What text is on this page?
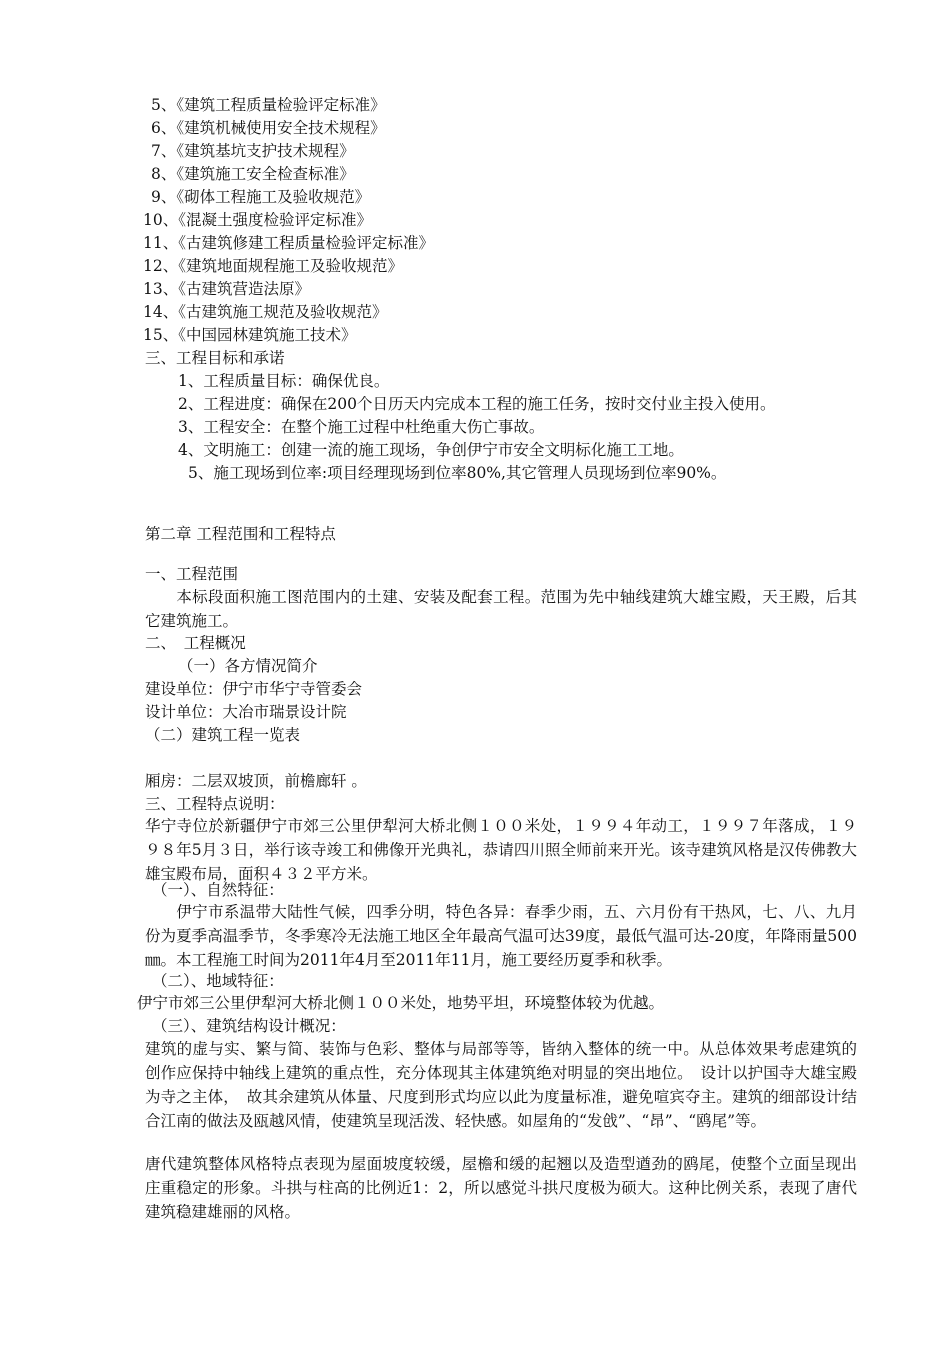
5、《建筑工程质量检验评定标准》

6、《建筑机械使用安全技术规程》

7、《建筑基坑支护技术规程》

8、《建筑施工安全检查标准》

9、《砌体工程施工及验收规范》

10、《混凝土强度检验评定标准》

11、《古建筑修建工程质量检验评定标准》

12、《建筑地面规程施工及验收规范》

13、《古建筑营造法原》

14、《古建筑施工规范及验收规范》

15、《中国园林建筑施工技术》

三、工程目标和承诺

1、工程质量目标：确保优良。

2、工程进度：确保在200个日历天内完成本工程的施工任务，按时交付业主投入使用。

3、工程安全：在整个施工过程中杜绝重大伤亡事故。

4、文明施工：创建一流的施工现场，争创伊宁市安全文明标化施工工地。

5、施工现场到位率:项目经理现场到位率80%,其它管理人员现场到位率90%。

第二章 工程范围和工程特点

一、工程范围

本标段面积施工图范围内的土建、安装及配套工程。范围为先中轴线建筑大雄宝殿，天王殿，后其它建筑施工。

二、　工程概况

（一）各方情况简介

建设单位：伊宁市华宁寺管委会

设计单位：大冶市瑞景设计院

（二）建筑工程一览表

厢房：二层双坡顶，前檐廊轩 。

三、工程特点说明：

华宁寺位於新疆伊宁市郊三公里伊犁河大桥北侧１００米处，１９９４年动工，１９９７年落成，１９９８年5月３日，举行该寺竣工和佛像开光典礼，恭请四川照全师前来开光。该寺建筑风格是汉传佛教大雄宝殿布局，面积４３２平方米。

（一）、自然特征：

伊宁市系温带大陆性气候，四季分明，特色各异：春季少雨，五、六月份有干热风，七、八、九月份为夏季高温季节，冬季寒冷无法施工地区全年最高气温可达39度，最低气温可达-20度，年降雨量500㎜。本工程施工时间为2011年4月至2011年11月，施工要经历夏季和秋季。

（二）、地域特征：

伊宁市郊三公里伊犁河大桥北侧１００米处，地势平坦，环境整体较为优越。

（三）、建筑结构设计概况：

建筑的虚与实、繁与简、装饰与色彩、整体与局部等等，皆纳入整体的统一中。从总体效果考虑建筑的创作应保持中轴线上建筑的重点性，充分体现其主体建筑绝对明显的突出地位。　设计以护国寺大雄宝殿为寺之主体，　故其余建筑从体量、尺度到形式均应以此为度量标准，避免喧宾夺主。建筑的细部设计结合江南的做法及瓯越风情，使建筑呈现活泼、轻快感。如屋角的“发戗”、“昂”、“鸥尾”等。

唐代建筑整体风格特点表现为屋面坡度较缓，屋檐和缓的起翘以及造型遒劲的鸥尾，使整个立面呈现出庄重稳定的形象。斗拱与柱高的比例近1：2，所以感觉斗拱尺度极为硕大。这种比例关系，表现了唐代建筑稳建雄丽的风格。
